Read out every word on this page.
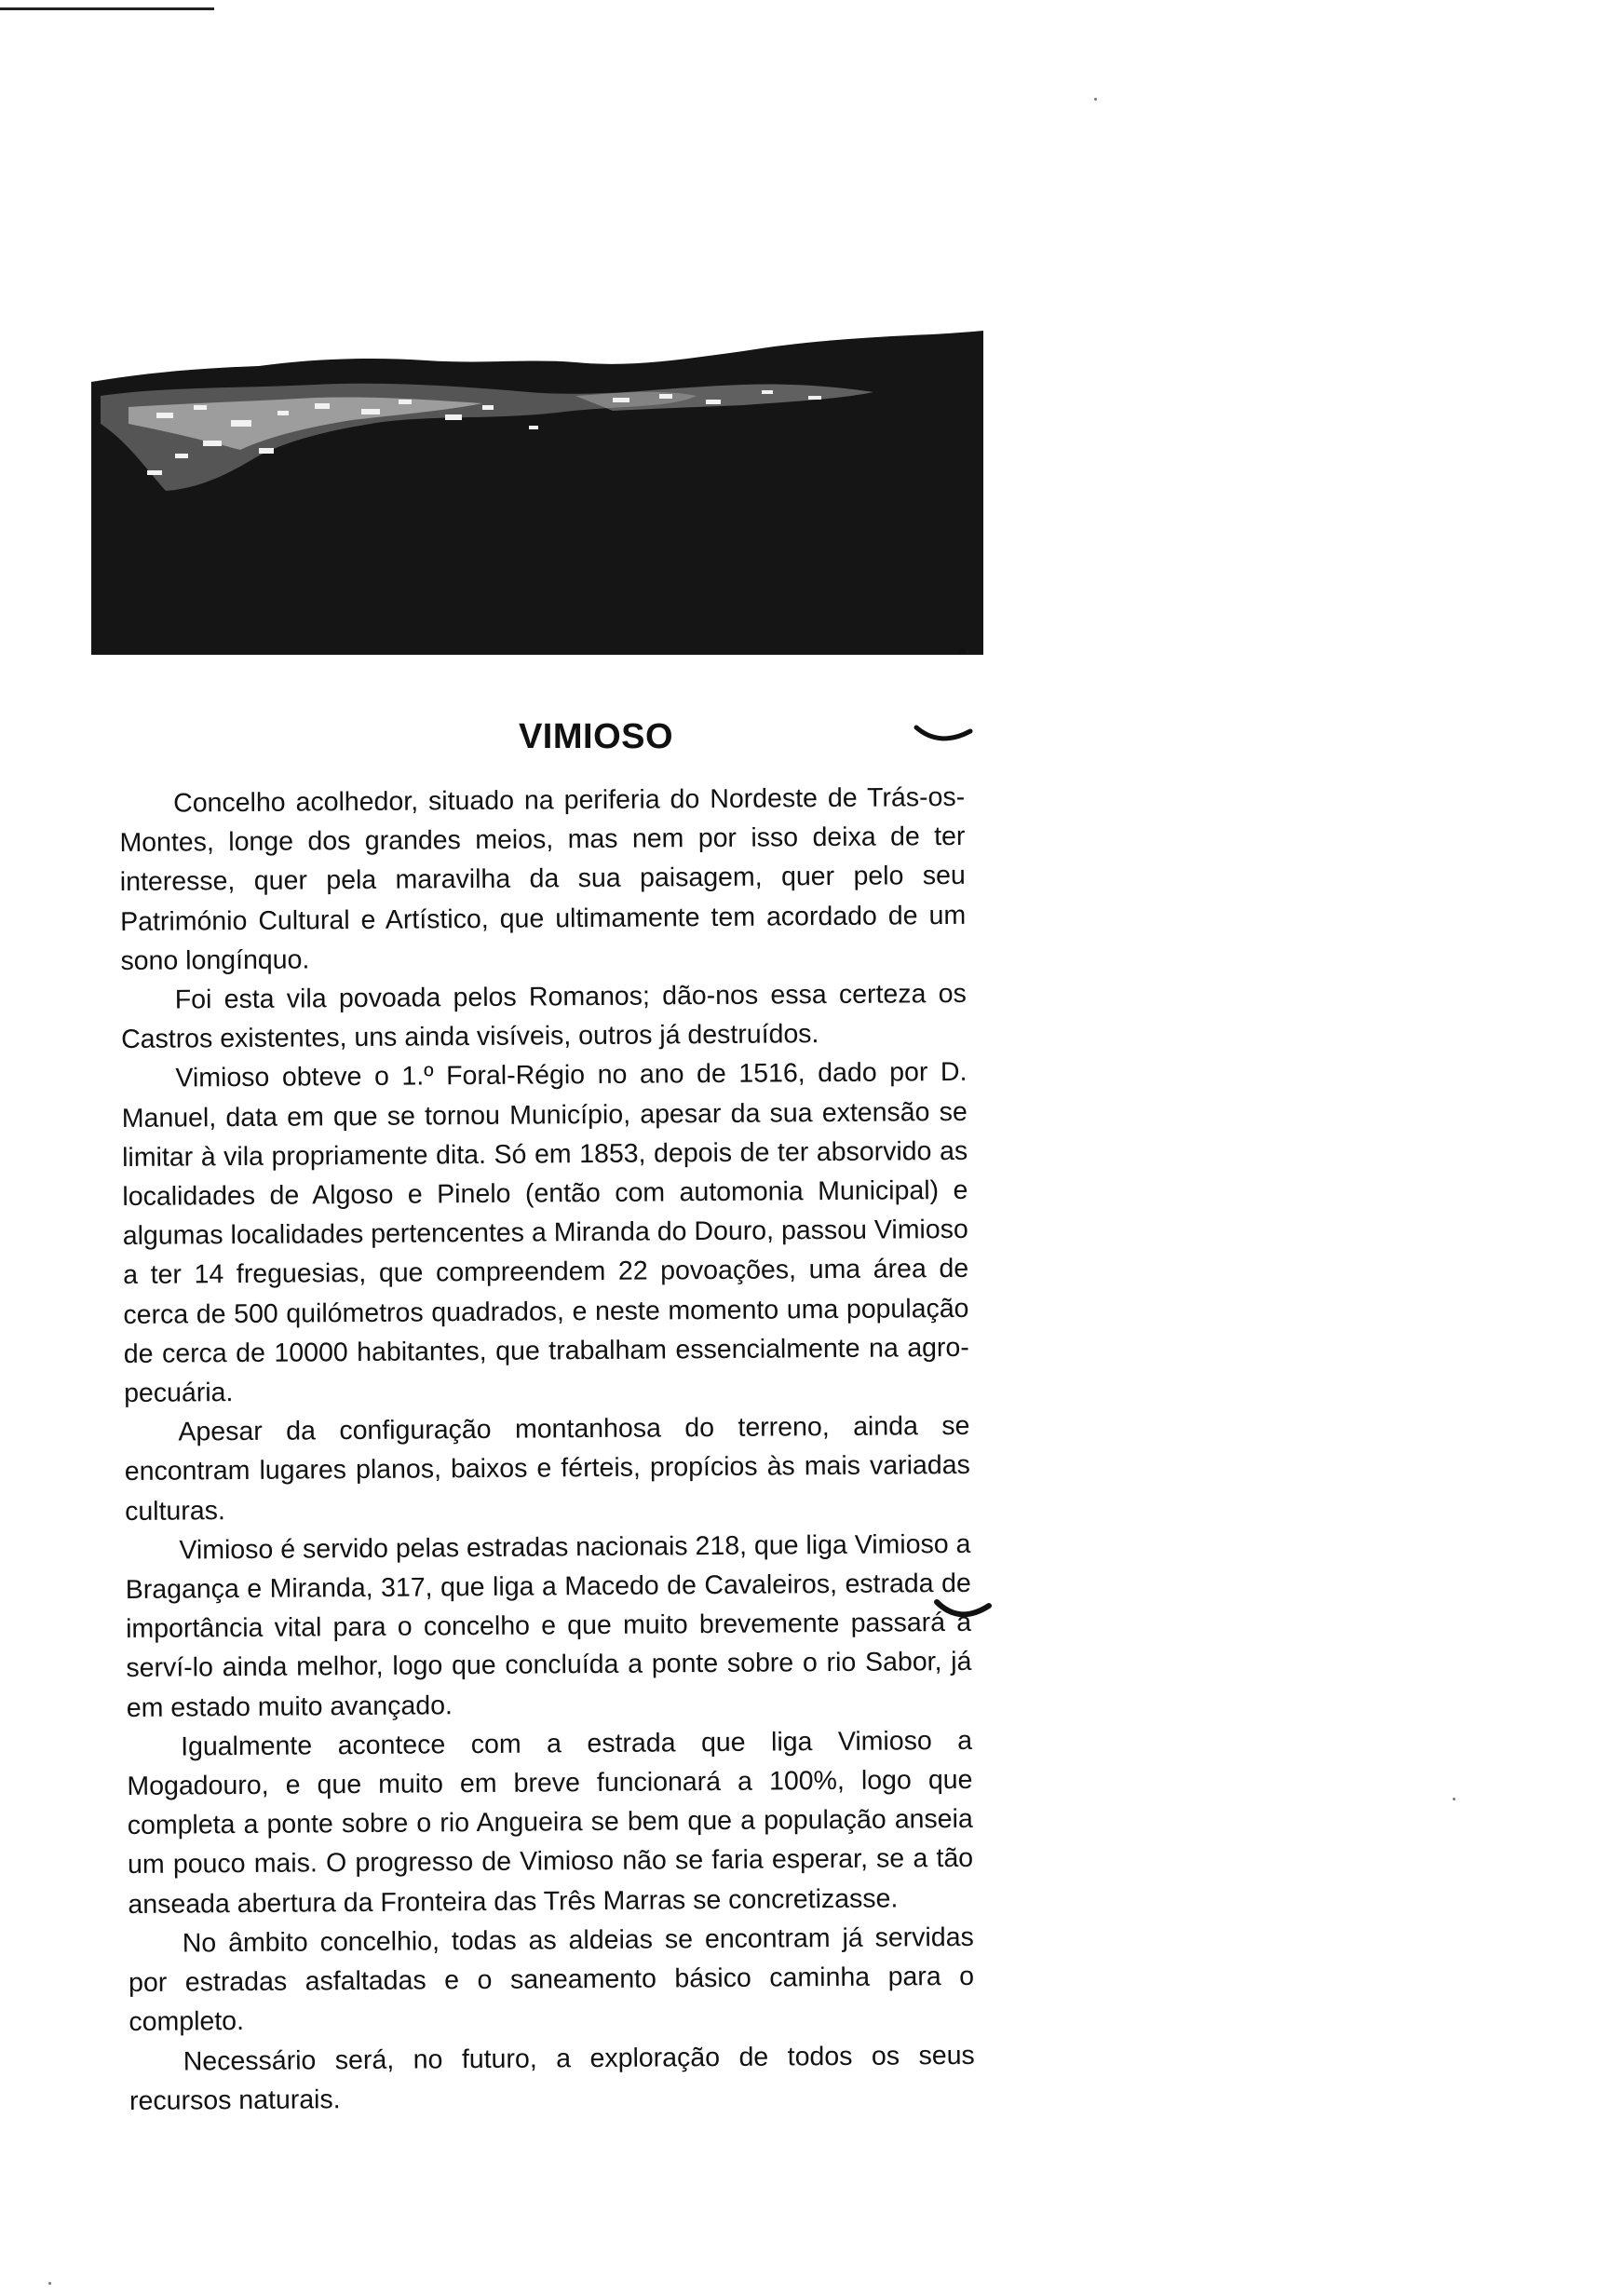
VIMIOSO

Concelho acolhedor, situado na periferia do Nordeste de Trás-os-Montes, longe dos grandes meios, mas nem por isso deixa de ter interesse, quer pela maravilha da sua paisagem, quer pelo seu Património Cultural e Artístico, que ultimamente tem acordado de um sono longínquo.

Foi esta vila povoada pelos Romanos; dão-nos essa certeza os Castros existentes, uns ainda visíveis, outros já destruídos.

Vimioso obteve o 1.º Foral-Régio no ano de 1516, dado por D. Manuel, data em que se tornou Município, apesar da sua extensão se limitar à vila propriamente dita. Só em 1853, depois de ter absorvido as localidades de Algoso e Pinelo (então com automonia Municipal) e algumas localidades pertencentes a Miranda do Douro, passou Vimioso a ter 14 freguesias, que compreendem 22 povoações, uma área de cerca de 500 quilómetros quadrados, e neste momento uma população de cerca de 10000 habitantes, que trabalham essencialmente na agro-pecuária.

Apesar da configuração montanhosa do terreno, ainda se encontram lugares planos, baixos e férteis, propícios às mais variadas culturas.

Vimioso é servido pelas estradas nacionais 218, que liga Vimioso a Bragança e Miranda, 317, que liga a Macedo de Cavaleiros, estrada de importância vital para o concelho e que muito brevemente passará a serví-lo ainda melhor, logo que concluída a ponte sobre o rio Sabor, já em estado muito avançado.

Igualmente acontece com a estrada que liga Vimioso a Mogadouro, e que muito em breve funcionará a 100%, logo que completa a ponte sobre o rio Angueira se bem que a população anseia um pouco mais. O progresso de Vimioso não se faria esperar, se a tão anseada abertura da Fronteira das Três Marras se concretizasse.

No âmbito concelhio, todas as aldeias se encontram já servidas por estradas asfaltadas e o saneamento básico caminha para o completo.

Necessário será, no futuro, a exploração de todos os seus recursos naturais.
